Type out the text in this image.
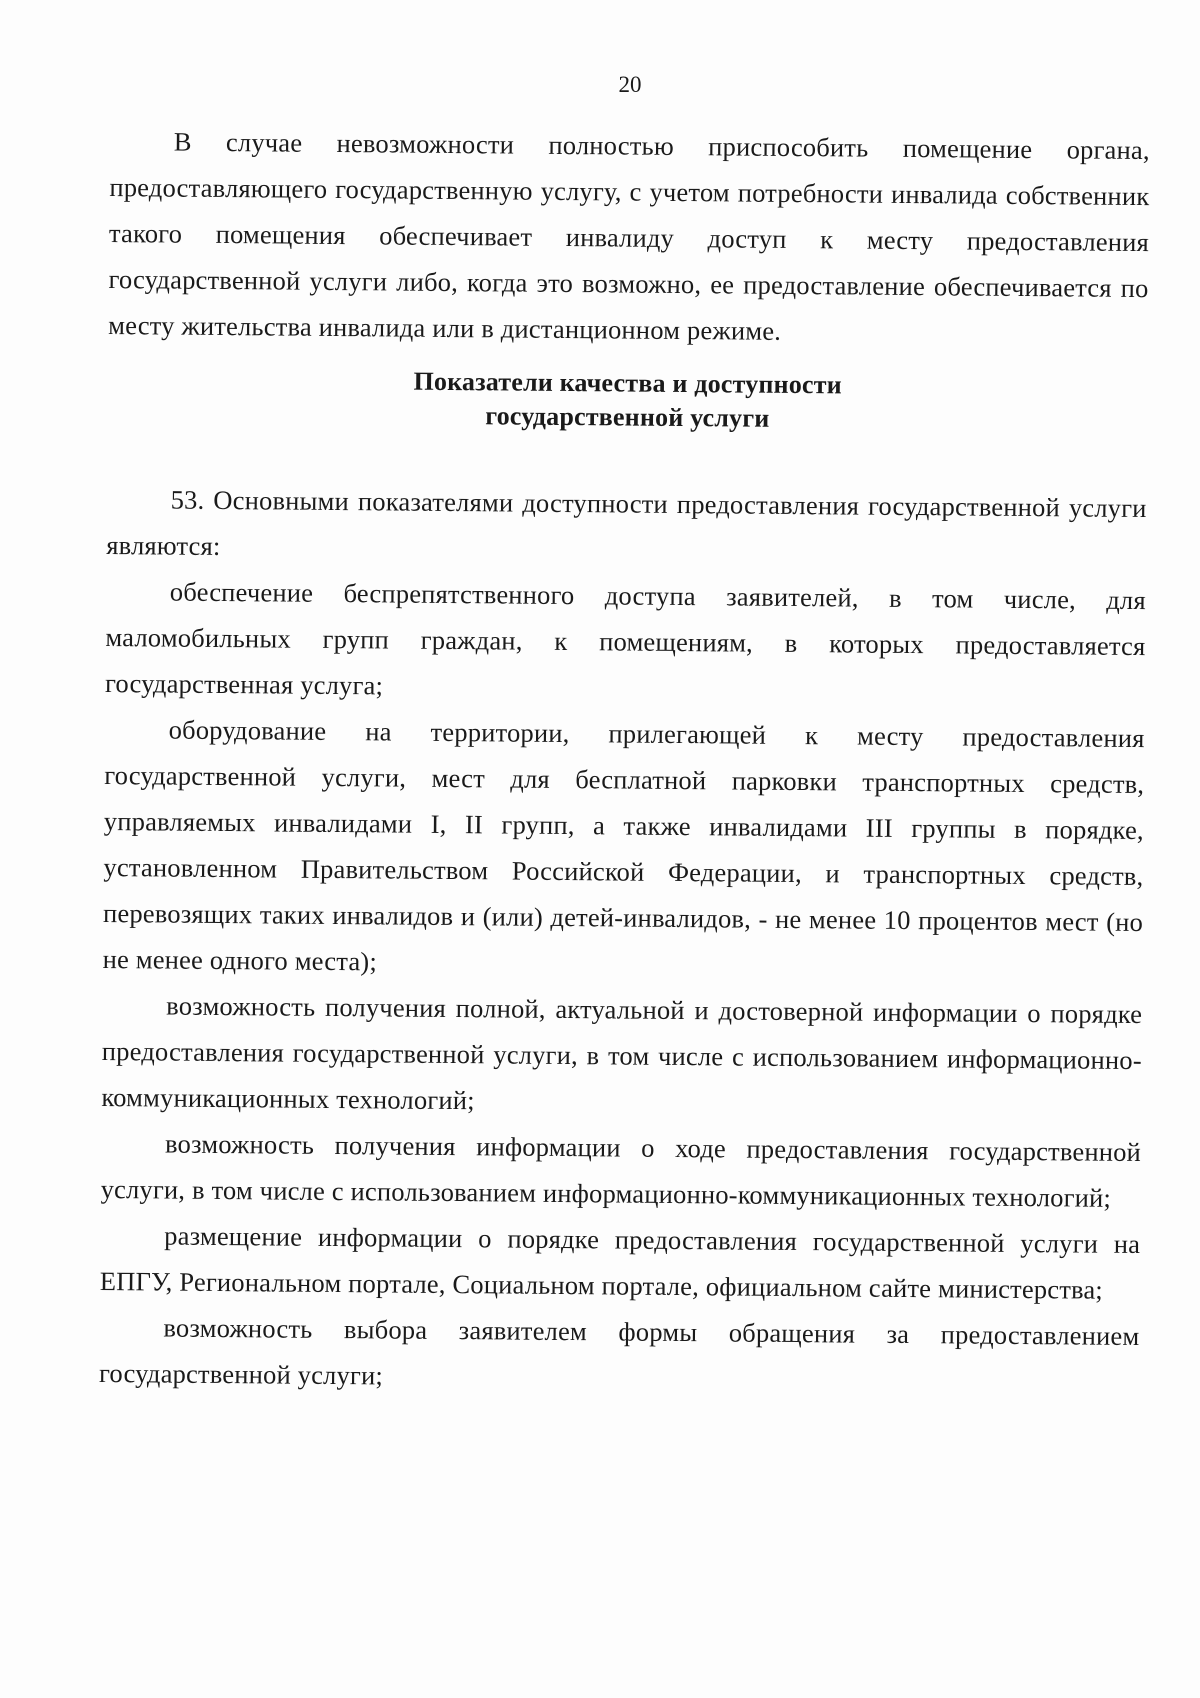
20

В случае невозможности полностью приспособить помещение органа, предоставляющего государственную услугу, с учетом потребности инвалида собственник такого помещения обеспечивает инвалиду доступ к месту предоставления государственной услуги либо, когда это возможно, ее предоставление обеспечивается по месту жительства инвалида или в дистанционном режиме.

Показатели качества и доступности
государственной услуги

53. Основными показателями доступности предоставления государственной услуги являются:

обеспечение беспрепятственного доступа заявителей, в том числе, для маломобильных групп граждан, к помещениям, в которых предоставляется государственная услуга;

оборудование на территории, прилегающей к месту предоставления государственной услуги, мест для бесплатной парковки транспортных средств, управляемых инвалидами I, II групп, а также инвалидами III группы в порядке, установленном Правительством Российской Федерации, и транспортных средств, перевозящих таких инвалидов и (или) детей-инвалидов, - не менее 10 процентов мест (но не менее одного места);

возможность получения полной, актуальной и достоверной информации о порядке предоставления государственной услуги, в том числе с использованием информационно-коммуникационных технологий;

возможность получения информации о ходе предоставления государственной услуги, в том числе с использованием информационно-коммуникационных технологий;

размещение информации о порядке предоставления государственной услуги на ЕПГУ, Региональном портале, Социальном портале, официальном сайте министерства;

возможность выбора заявителем формы обращения за предоставлением государственной услуги;
